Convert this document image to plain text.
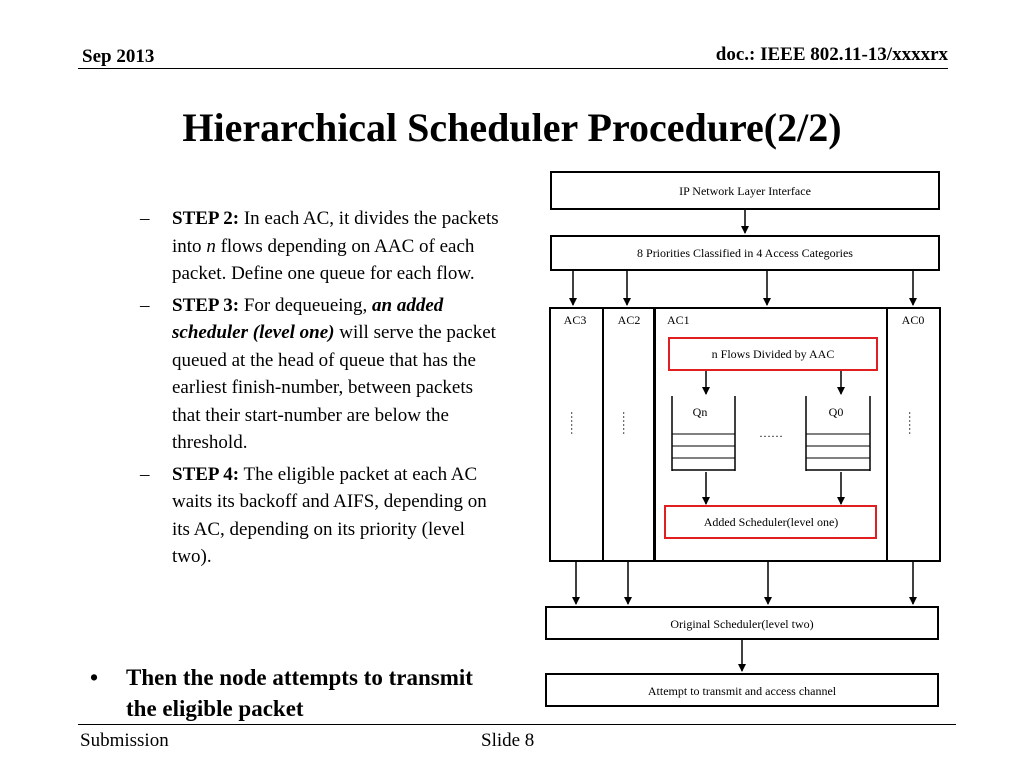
Sep 2013	doc.: IEEE 802.11-13/xxxxrx
Hierarchical Scheduler Procedure(2/2)
– STEP 2: In each AC, it divides the packets into n flows depending on AAC of each packet. Define one queue for each flow.
– STEP 3: For dequeueing, an added scheduler (level one) will serve the packet queued at the head of queue that has the earliest finish-number, between packets that their start-number are below the threshold.
– STEP 4: The eligible packet at each AC waits its backoff and AIFS, depending on its AC, depending on its priority (level two).
• Then the node attempts to transmit the eligible packet
IP Network Layer Interface
8 Priorities Classified in 4 Access Categories
AC3	AC2 AC1	AC0
……	……	……
n Flows Divided by AAC
Qn	Q0
……
Added Scheduler(level one)
Original Scheduler(level two)
Attempt to transmit and access channel
Submission	Slide 8
